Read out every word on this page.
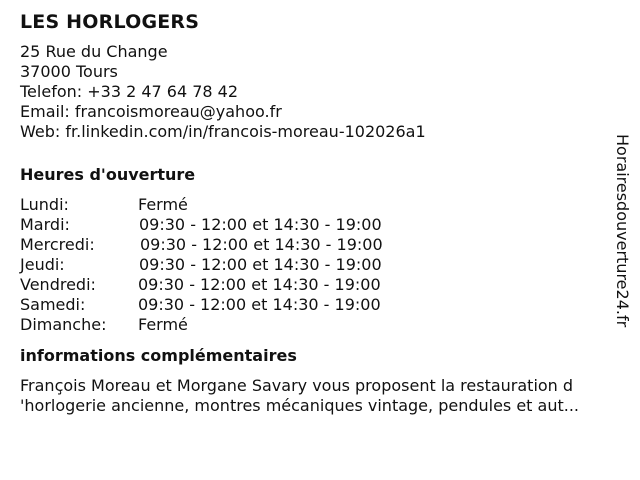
LES HORLOGERS
25 Rue du Change
37000 Tours
Telefon: +33 2 47 64 78 42
Email: francoismoreau@yahoo.fr
Web: fr.linkedin.com/in/francois-moreau-102026a1
Heures d'ouverture
Lundi:	Fermé
Mardi:	09:30 - 12:00 et 14:30 - 19:00
Mercredi:	09:30 - 12:00 et 14:30 - 19:00
Jeudi:	09:30 - 12:00 et 14:30 - 19:00
Vendredi:	09:30 - 12:00 et 14:30 - 19:00
Samedi:	09:30 - 12:00 et 14:30 - 19:00
Dimanche: Fermé
informations complémentaires
François Moreau et Morgane Savary vous proposent la restauration d
'horlogerie ancienne, montres mécaniques vintage, pendules et aut...
Horairesdouverture24.fr
